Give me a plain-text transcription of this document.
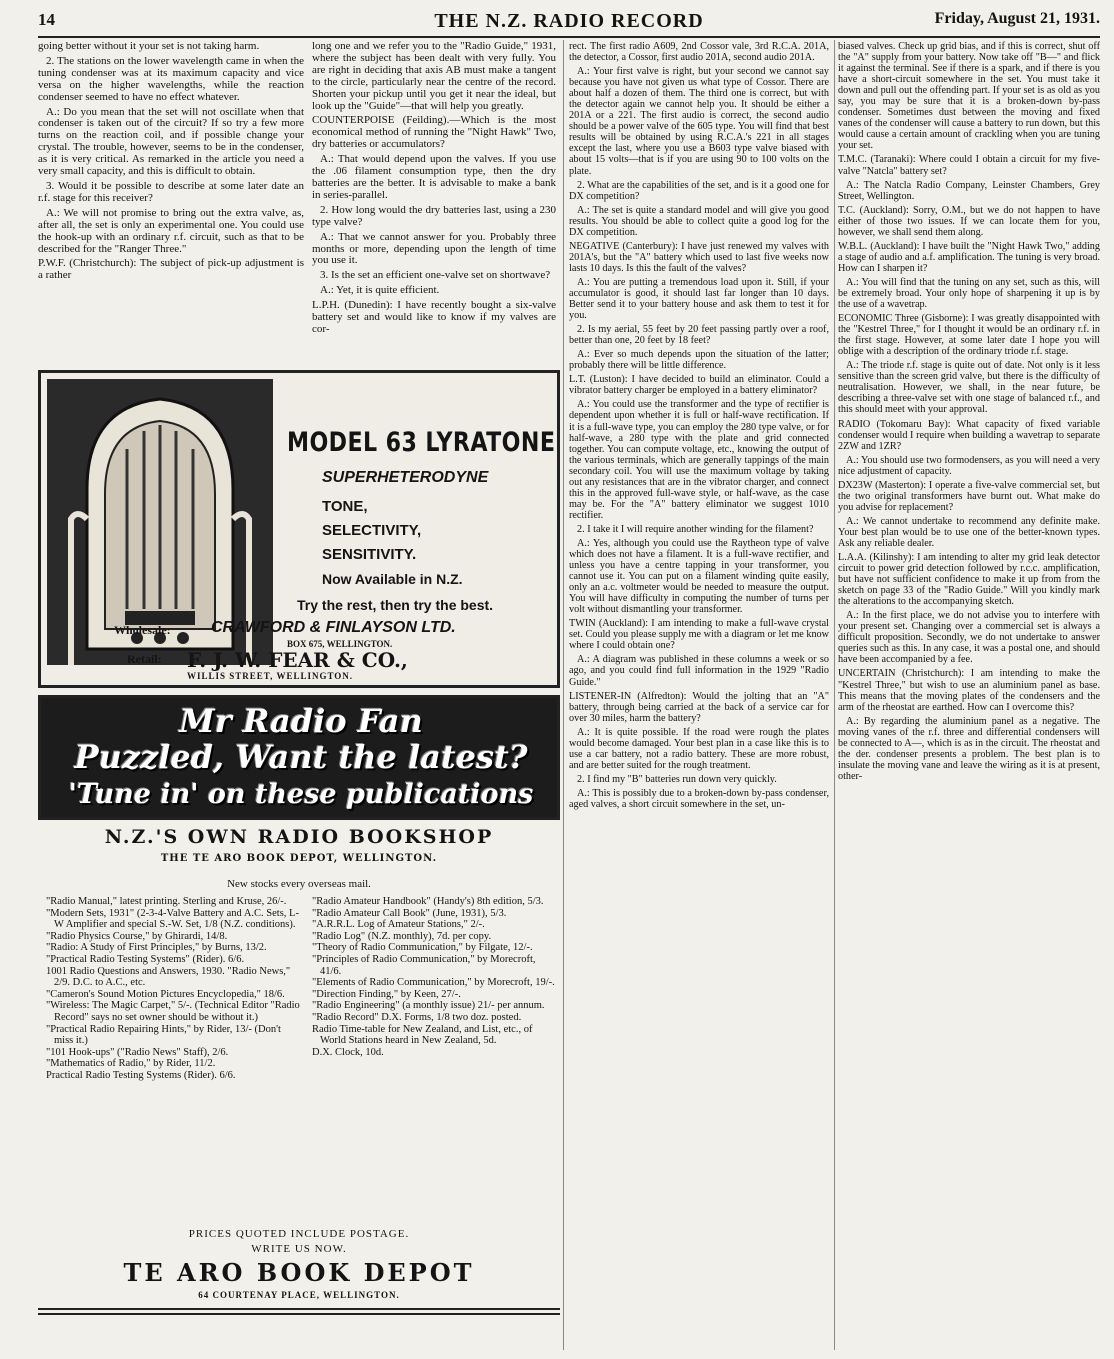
14	THE N.Z. RADIO RECORD	Friday, August 21, 1931.

going better without it your set is not taking harm.

2. The stations on the lower wavelength came in when the tuning condenser was at its maximum capacity and vice versa on the higher wavelengths, while the reaction condenser seemed to have no effect whatever.

A.: Do you mean that the set will not oscillate when that condenser is taken out of the circuit? If so try a few more turns on the reaction coil, and if possible change your crystal. The trouble, however, seems to be in the condenser, as it is very critical. As remarked in the article you need a very small capacity, and this is difficult to obtain.

3. Would it be possible to describe at some later date an r.f. stage for this receiver?

A.: We will not promise to bring out the extra valve, as, after all, the set is only an experimental one. You could use the hook-up with an ordinary r.f. circuit, such as that to be described for the "Ranger Three."

P.W.F. (Christchurch): The subject of pick-up adjustment is a rather

long one and we refer you to the "Radio Guide," 1931, where the subject has been dealt with very fully. You are right in deciding that axis AB must make a tangent to the circle, particularly near the centre of the record. Shorten your pickup until you get it near the ideal, but look up the "Guide"—that will help you greatly.

COUNTERPOISE (Feilding).—Which is the most economical method of running the "Night Hawk" Two, dry batteries or accumulators?

A.: That would depend upon the valves. If you use the .06 filament consumption type, then the dry batteries are the better. It is advisable to make a bank in series-parallel.

2. How long would the dry batteries last, using a 230 type valve?

A.: That we cannot answer for you. Probably three months or more, depending upon the length of time you use it.

3. Is the set an efficient one-valve set on shortwave?

A.: Yet, it is quite efficient.

L.P.H. (Dunedin): I have recently bought a six-valve battery set and would like to know if my valves are cor-

MODEL 63 LYRATONE
SUPERHETERODYNE
TONE,
SELECTIVITY,
SENSITIVITY.
Now Available in N.Z.
Try the rest, then try the best.
Wholesale:	CRAWFORD & FINLAYSON LTD.
BOX 675, WELLINGTON.
Retail: F. J. W. FEAR & CO.,
WILLIS STREET, WELLINGTON.
Mr Radio Fan
Puzzled, Want the latest?
'Tune in' on these publications
N.Z.'S OWN RADIO BOOKSHOP
THE TE ARO BOOK DEPOT, WELLINGTON.
New stocks every overseas mail.
"Radio Manual," latest printing. Sterling and Kruse, 26/-.
"Modern Sets, 1931" (2-3-4-Valve Battery and A.C. Sets, L-W Amplifier and special S.-W. Set, 1/8 (N.Z. conditions).
"Radio Physics Course," by Ghirardi, 14/8.
"Radio: A Study of First Principles," by Burns, 13/2.
"Practical Radio Testing Systems" (Rider). 6/6.
1001 Radio Questions and Answers, 1930. "Radio News," 2/9. D.C. to A.C., etc.
"Cameron's Sound Motion Pictures Encyclopedia," 18/6.
"Wireless: The Magic Carpet," 5/-. (Technical Editor "Radio Record" says no set owner should be without it.)
"Practical Radio Repairing Hints," by Rider, 13/- (Don't miss it.)
"101 Hook-ups" ("Radio News" Staff), 2/6.
"Mathematics of Radio," by Rider, 11/2.
Practical Radio Testing Systems (Rider). 6/6.
"Radio Amateur Handbook" (Handy's) 8th edition, 5/3.
"Radio Amateur Call Book" (June, 1931), 5/3.
"A.R.R.L. Log of Amateur Stations," 2/-.
"Radio Log" (N.Z. monthly), 7d. per copy.
"Theory of Radio Communication," by Filgate, 12/-.
"Principles of Radio Communication," by Morecroft, 41/6.
"Elements of Radio Communication," by Morecroft, 19/-.
"Direction Finding," by Keen, 27/-.
"Radio Engineering" (a monthly issue) 21/- per annum.
"Radio Record" D.X. Forms, 1/8 two doz. posted.
Radio Time-table for New Zealand, and List, etc., of World Stations heard in New Zealand, 5d.
D.X. Clock, 10d.
PRICES QUOTED INCLUDE POSTAGE.
WRITE US NOW.
TE ARO BOOK DEPOT
64 COURTENAY PLACE, WELLINGTON.

rect. The first radio A609, 2nd Cossor vale, 3rd R.C.A. 201A, the detector, a Cossor, first audio 201A, second audio 201A.

A.: Your first valve is right, but your second we cannot say because you have not given us what type of Cossor. There are about half a dozen of them. The third one is correct, but with the detector again we cannot help you. It should be either a 201A or a 221. The first audio is correct, the second audio should be a power valve of the 605 type. You will find that best results will be obtained by using R.C.A.'s 221 in all stages except the last, where you use a B603 type valve biased with about 15 volts—that is if you are using 90 to 100 volts on the plate.

2. What are the capabilities of the set, and is it a good one for DX competition?

A.: The set is quite a standard model and will give you good results. You should be able to collect quite a good log for the DX competition.

NEGATIVE (Canterbury): I have just renewed my valves with 201A's, but the "A" battery which used to last five weeks now lasts 10 days. Is this the fault of the valves?

A.: You are putting a tremendous load upon it. Still, if your accumulator is good, it should last far longer than 10 days. Better send it to your battery house and ask them to test it for you.

2. Is my aerial, 55 feet by 20 feet passing partly over a roof, better than one, 20 feet by 18 feet?

A.: Ever so much depends upon the situation of the latter; probably there will be little difference.

L.T. (Luston): I have decided to build an eliminator. Could a vibrator battery charger be employed in a battery eliminator?

A.: You could use the transformer and the type of rectifier is dependent upon whether it is full or half-wave rectification. If it is a full-wave type, you can employ the 280 type valve, or for half-wave, a 280 type with the plate and grid connected together. You can compute voltage, etc., knowing the output of the various terminals, which are generally tappings of the main secondary coil. You will use the maximum voltage by taking out any resistances that are in the vibrator charger, and connect this in the approved full-wave style, or half-wave, as the case may be. For the "A" battery eliminator we suggest 1010 rectifier.

2. I take it I will require another winding for the filament?

A.: Yes, although you could use the Raytheon type of valve which does not have a filament. It is a full-wave rectifier, and unless you have a centre tapping in your transformer, you cannot use it. You can put on a filament winding quite easily, only an a.c. voltmeter would be needed to measure the output. You will have difficulty in computing the number of turns per volt without dismantling your transformer.

TWIN (Auckland): I am intending to make a full-wave crystal set. Could you please supply me with a diagram or let me know where I could obtain one?

A.: A diagram was published in these columns a week or so ago, and you could find full information in the 1929 "Radio Guide."

LISTENER-IN (Alfredton): Would the jolting that an "A" battery, through being carried at the back of a service car for over 30 miles, harm the battery?

A.: It is quite possible. If the road were rough the plates would become damaged. Your best plan in a case like this is to use a car battery, not a radio battery. These are more robust, and are better suited for the rough treatment.

2. I find my "B" batteries run down very quickly.

A.: This is possibly due to a broken-down by-pass condenser, aged valves, a short circuit somewhere in the set, un-

biased valves. Check up grid bias, and if this is correct, shut off the "A" supply from your battery. Now take off "B—" and flick it against the terminal. See if there is a spark, and if there is you have a short-circuit somewhere in the set. You must take it down and pull out the offending part. If your set is as old as you say, you may be sure that it is a broken-down by-pass condenser. Sometimes dust between the moving and fixed vanes of the condenser will cause a battery to run down, but this would cause a certain amount of crackling when you are tuning your set.

T.M.C. (Taranaki): Where could I obtain a circuit for my five-valve "Natcla" battery set?

A.: The Natcla Radio Company, Leinster Chambers, Grey Street, Wellington.

T.C. (Auckland): Sorry, O.M., but we do not happen to have either of those two issues. If we can locate them for you, however, we shall send them along.

W.B.L. (Auckland): I have built the "Night Hawk Two," adding a stage of audio and a.f. amplification. The tuning is very broad. How can I sharpen it?

A.: You will find that the tuning on any set, such as this, will be extremely broad. Your only hope of sharpening it up is by the use of a wavetrap.

ECONOMIC Three (Gisborne): I was greatly disappointed with the "Kestrel Three," for I thought it would be an ordinary r.f. in the first stage. However, at some later date I hope you will oblige with a description of the ordinary triode r.f. stage.

A.: The triode r.f. stage is quite out of date. Not only is it less sensitive than the screen grid valve, but there is the difficulty of neutralisation. However, we shall, in the near future, be describing a three-valve set with one stage of balanced r.f., and this should meet with your approval.

RADIO (Tokomaru Bay): What capacity of fixed variable condenser would I require when building a wavetrap to separate 2ZW and 1ZR?

A.: You should use two formodensers, as you will need a very nice adjustment of capacity.

DX23W (Masterton): I operate a five-valve commercial set, but the two original transformers have burnt out. What make do you advise for replacement?

A.: We cannot undertake to recommend any definite make. Your best plan would be to use one of the better-known types. Ask any reliable dealer.

L.A.A. (Kilinshy): I am intending to alter my grid leak detector circuit to power grid detection followed by r.c.c. amplification, but have not sufficient confidence to make it up from from the sketch on page 33 of the "Radio Guide." Will you kindly mark the alterations to the accompanying sketch.

A.: In the first place, we do not advise you to interfere with your present set. Changing over a commercial set is always a difficult proposition. Secondly, we do not undertake to answer queries such as this. In any case, it was a postal one, and should have been accompanied by a fee.

UNCERTAIN (Christchurch): I am intending to make the "Kestrel Three," but wish to use an aluminium panel as base. This means that the moving plates of the condensers and the arm of the rheostat are earthed. How can I overcome this?

A.: By regarding the aluminium panel as a negative. The moving vanes of the r.f. three and differential condensers will be connected to A—, which is as in the circuit. The rheostat and the der. condenser presents a problem. The best plan is to insulate the moving vane and leave the wiring as it is at present, other-
